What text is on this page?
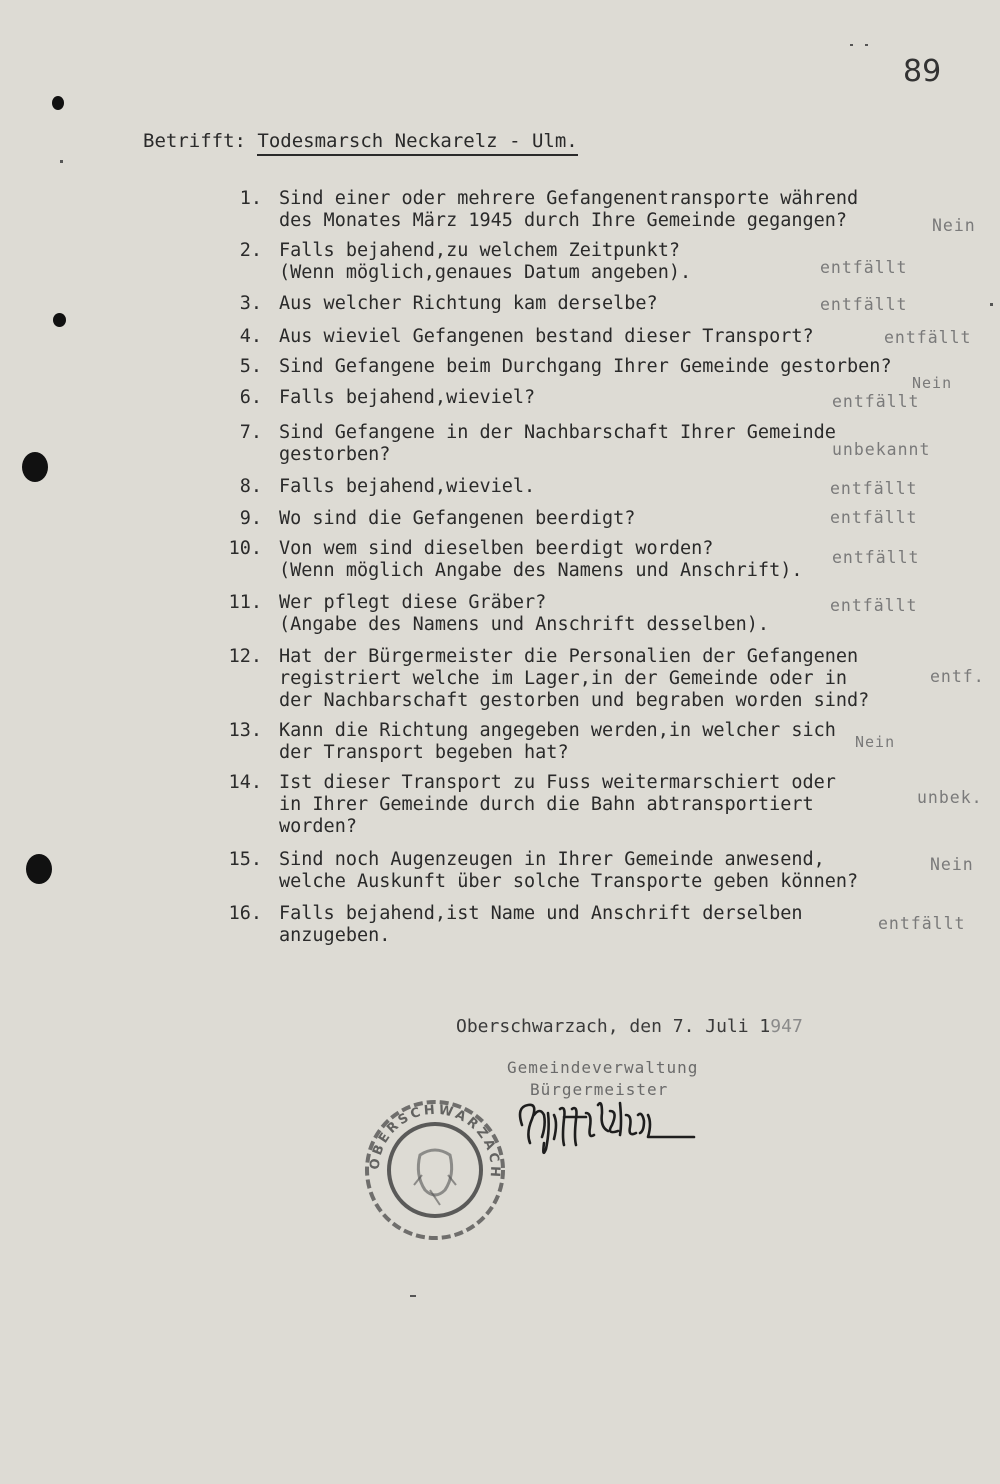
89
Betrifft: Todesmarsch Neckarelz - Ulm.
1. Sind einer oder mehrere Gefangenentransporte während
des Monates März 1945 durch Ihre Gemeinde gegangen?	Nein
2. Falls bejahend,zu welchem Zeitpunkt?
(Wenn möglich,genaues Datum angeben).	entfällt
3. Aus welcher Richtung kam derselbe?	entfällt
4. Aus wieviel Gefangenen bestand dieser Transport?	entfällt
5. Sind Gefangene beim Durchgang Ihrer Gemeinde gestorben?
Nein
6. Falls bejahend,wieviel?	entfällt
7. Sind Gefangene in der Nachbarschaft Ihrer Gemeinde
gestorben?	unbekannt
8. Falls bejahend,wieviel.	entfällt
9. Wo sind die Gefangenen beerdigt?	entfällt
10. Von wem sind dieselben beerdigt worden?
(Wenn möglich Angabe des Namens und Anschrift).
entfällt
11. Wer pflegt diese Gräber?
(Angabe des Namens und Anschrift desselben).
entfällt
12. Hat der Bürgermeister die Personalien der Gefangenen
registriert welche im Lager,in der Gemeinde oder in
der Nachbarschaft gestorben und begraben worden sind?
entf.
13. Kann die Richtung angegeben werden,in welcher sich
der Transport begeben hat?	Nein
14. Ist dieser Transport zu Fuss weitermarschiert oder
in Ihrer Gemeinde durch die Bahn abtransportiert
worden?
unbek.
15. Sind noch Augenzeugen in Ihrer Gemeinde anwesend,
welche Auskunft über solche Transporte geben können?
Nein
16. Falls bejahend,ist Name und Anschrift derselben
anzugeben.
entfällt
Oberschwarzach, den 7. Juli 1947
Gemeindeverwaltung
Bürgermeister
OBERSCHWARZACH
Schifferdecker
